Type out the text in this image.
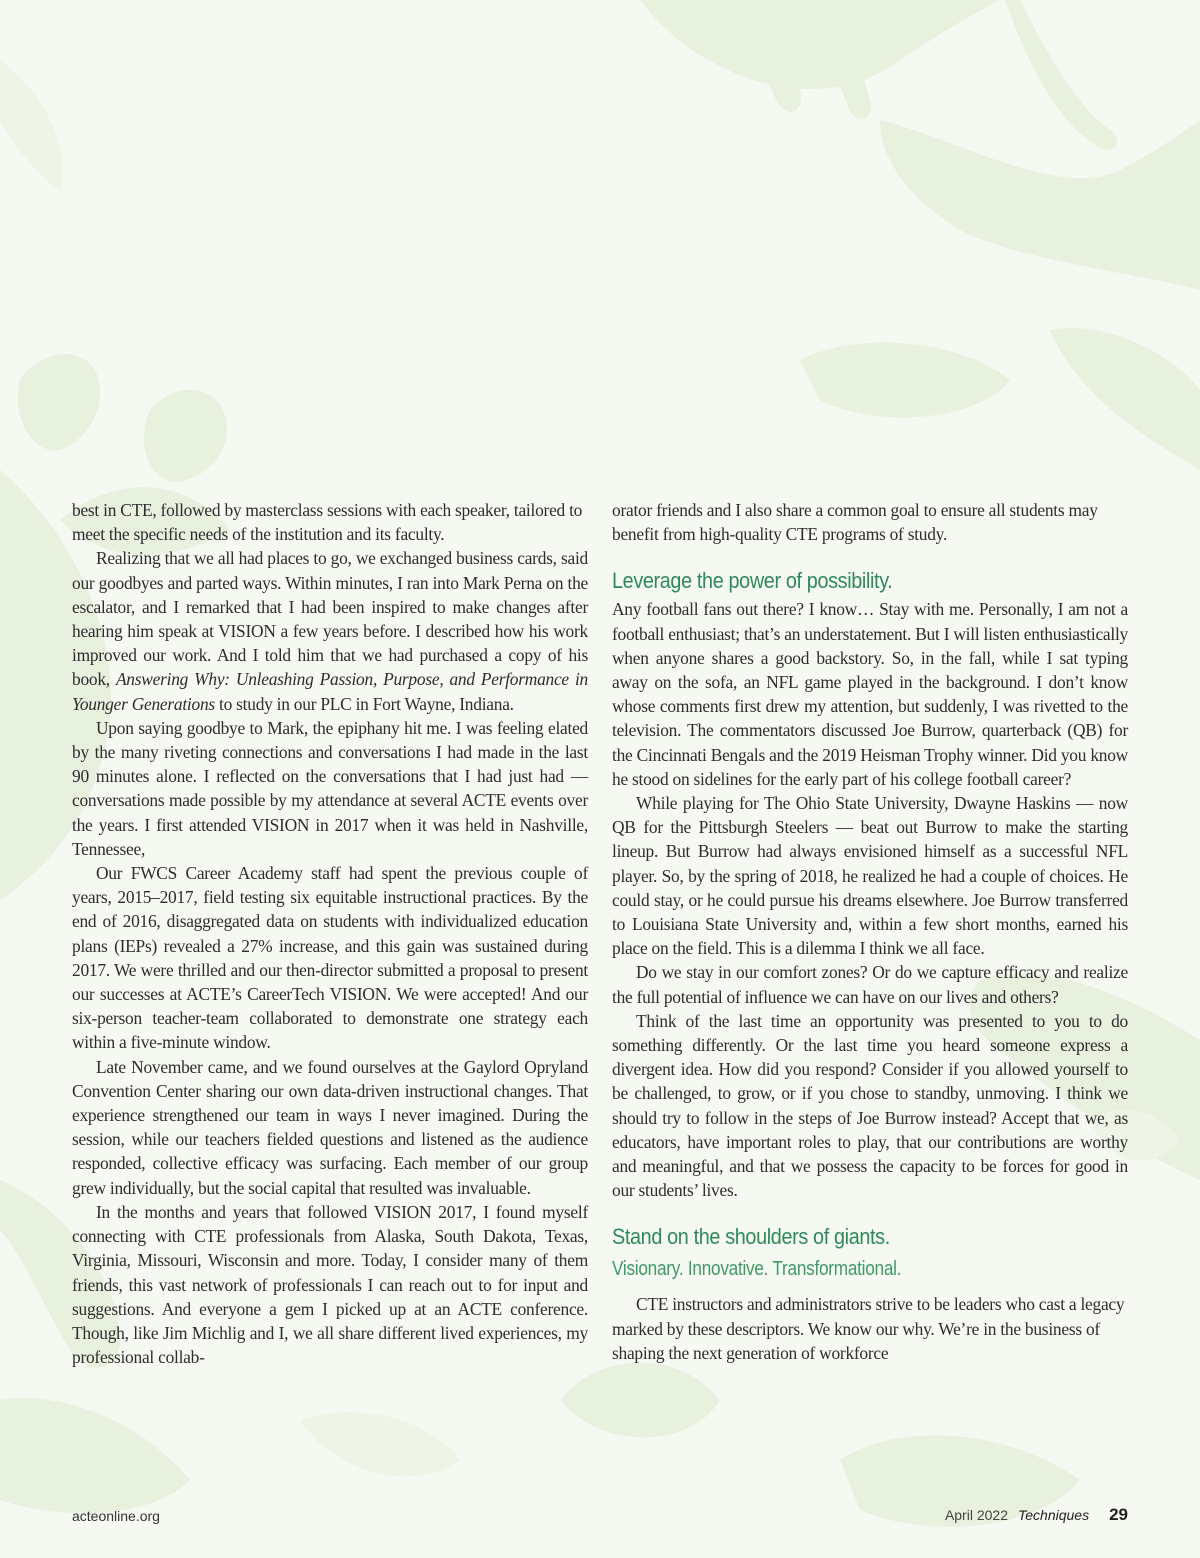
best in CTE, followed by masterclass sessions with each speaker, tailored to meet the specific needs of the institution and its faculty.

Realizing that we all had places to go, we exchanged business cards, said our goodbyes and parted ways. Within minutes, I ran into Mark Perna on the escalator, and I remarked that I had been inspired to make changes after hearing him speak at VISION a few years before. I described how his work improved our work. And I told him that we had purchased a copy of his book, Answering Why: Unleashing Passion, Purpose, and Performance in Younger Generations to study in our PLC in Fort Wayne, Indiana.

Upon saying goodbye to Mark, the epiphany hit me. I was feeling elated by the many riveting connections and conversations I had made in the last 90 minutes alone. I reflected on the conversations that I had just had — conversations made possible by my attendance at several ACTE events over the years. I first attended VISION in 2017 when it was held in Nashville, Tennessee,

Our FWCS Career Academy staff had spent the previous couple of years, 2015–2017, field testing six equitable instructional practices. By the end of 2016, disaggregated data on students with individualized education plans (IEPs) revealed a 27% increase, and this gain was sustained during 2017. We were thrilled and our then-director submitted a proposal to present our successes at ACTE’s CareerTech VISION. We were accepted! And our six-person teacher-team collaborated to demonstrate one strategy each within a five-minute window.

Late November came, and we found ourselves at the Gaylord Opryland Convention Center sharing our own data-driven instructional changes. That experience strengthened our team in ways I never imagined. During the session, while our teachers fielded questions and listened as the audience responded, collective efficacy was surfacing. Each member of our group grew individually, but the social capital that resulted was invaluable.

In the months and years that followed VISION 2017, I found myself connecting with CTE professionals from Alaska, South Dakota, Texas, Virginia, Missouri, Wisconsin and more. Today, I consider many of them friends, this vast network of professionals I can reach out to for input and suggestions. And everyone a gem I picked up at an ACTE conference. Though, like Jim Michlig and I, we all share different lived experiences, my professional collab-

orator friends and I also share a common goal to ensure all students may benefit from high-quality CTE programs of study.

Leverage the power of possibility.

Any football fans out there? I know… Stay with me. Personally, I am not a football enthusiast; that’s an understatement. But I will listen enthusiastically when anyone shares a good backstory. So, in the fall, while I sat typing away on the sofa, an NFL game played in the background. I don’t know whose comments first drew my attention, but suddenly, I was rivetted to the television. The commentators discussed Joe Burrow, quarterback (QB) for the Cincinnati Bengals and the 2019 Heisman Trophy winner. Did you know he stood on sidelines for the early part of his college football career?

While playing for The Ohio State University, Dwayne Haskins — now QB for the Pittsburgh Steelers — beat out Burrow to make the starting lineup. But Burrow had always envisioned himself as a successful NFL player. So, by the spring of 2018, he realized he had a couple of choices. He could stay, or he could pursue his dreams elsewhere. Joe Burrow transferred to Louisiana State University and, within a few short months, earned his place on the field. This is a dilemma I think we all face.

Do we stay in our comfort zones? Or do we capture efficacy and realize the full potential of influence we can have on our lives and others?

Think of the last time an opportunity was presented to you to do something differently. Or the last time you heard someone express a divergent idea. How did you respond? Consider if you allowed yourself to be challenged, to grow, or if you chose to standby, unmoving. I think we should try to follow in the steps of Joe Burrow instead? Accept that we, as educators, have important roles to play, that our contributions are worthy and meaningful, and that we possess the capacity to be forces for good in our students’ lives.

Stand on the shoulders of giants.
Visionary. Innovative. Transformational.

CTE instructors and administrators strive to be leaders who cast a legacy marked by these descriptors. We know our why. We’re in the business of shaping the next generation of workforce

acteonline.org	April 2022 Techniques 29
